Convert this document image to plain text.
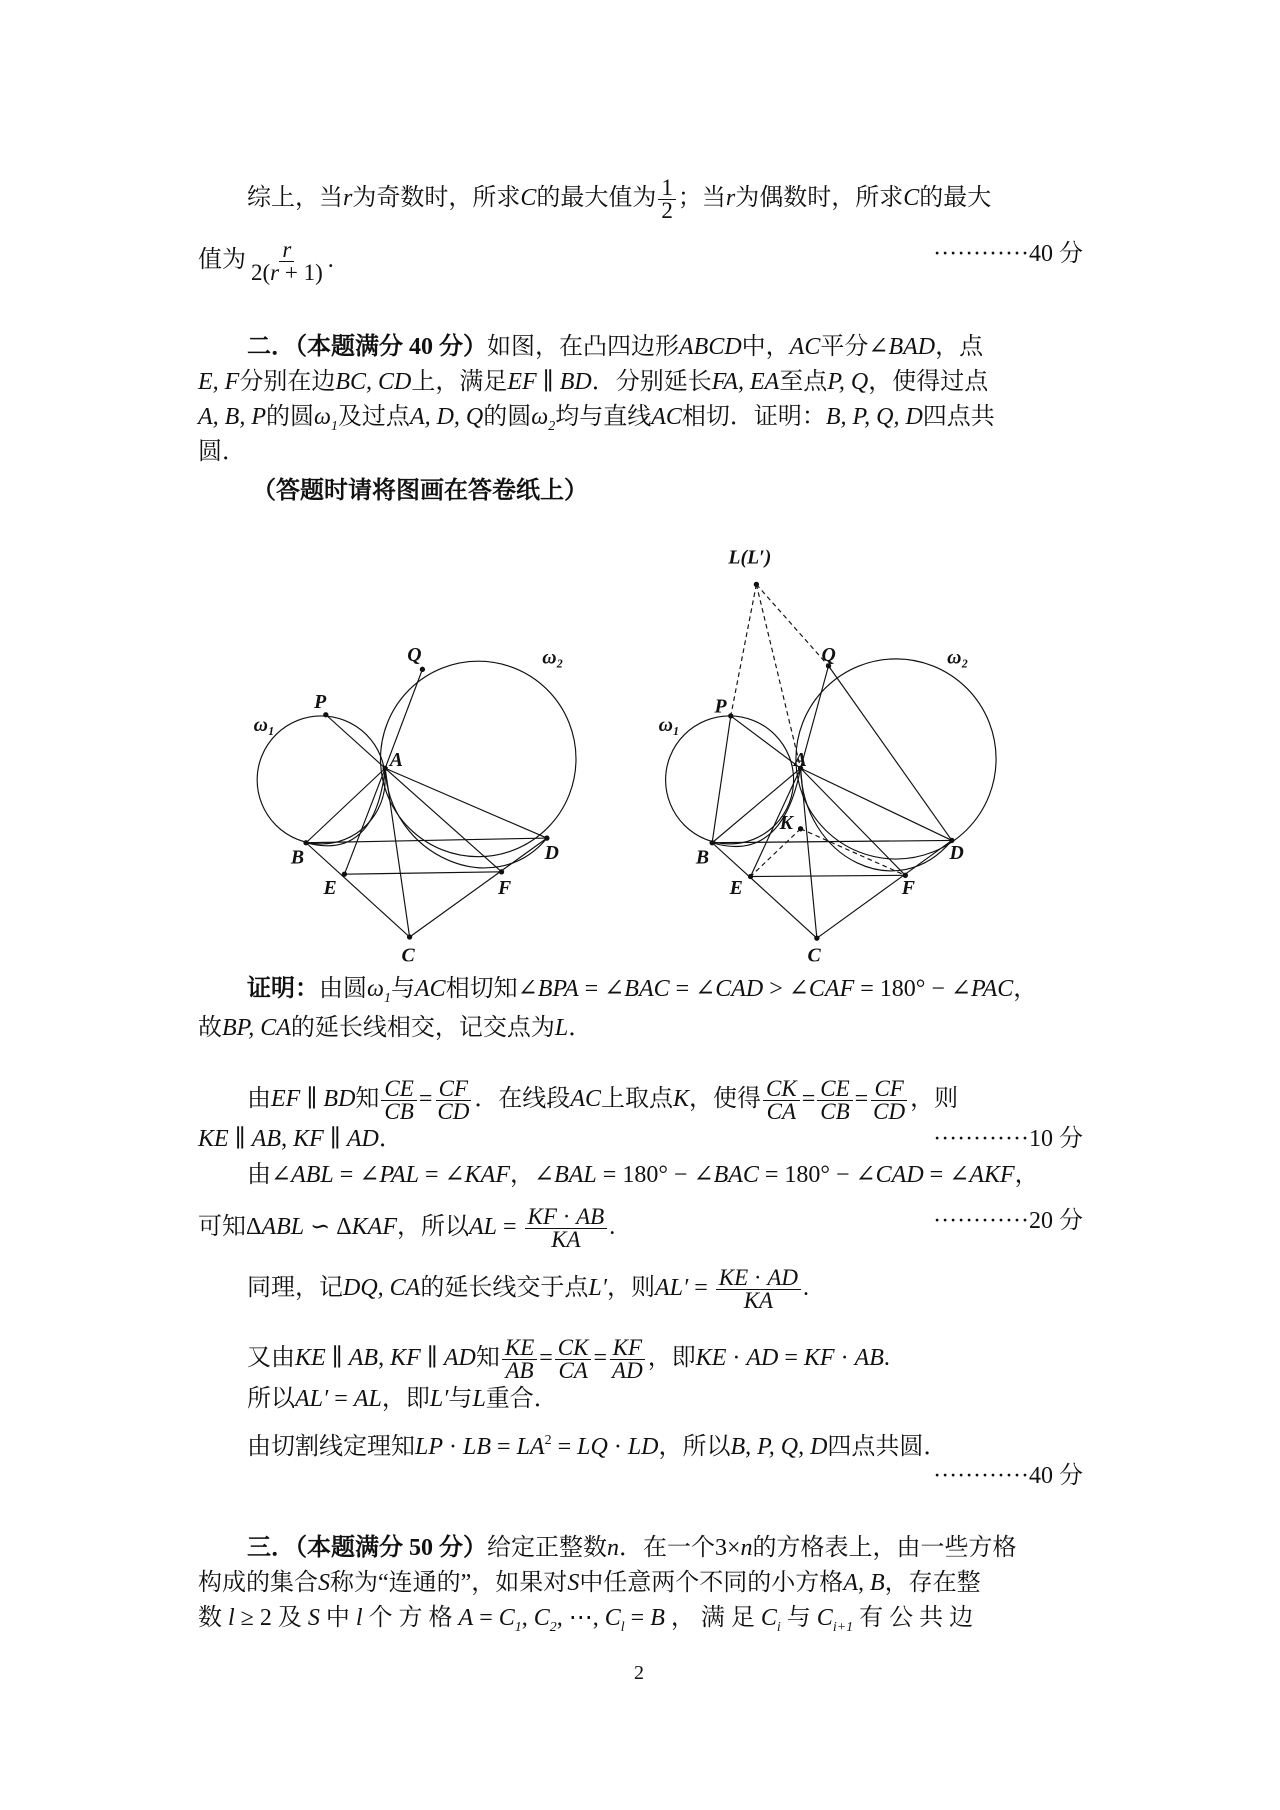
综上，当r为奇数时，所求C的最大值为 $\frac{1}{2}$ ；当r为偶数时，所求C的最大
值为 $\frac{r}{2(r + 1)}$ .	············40 分
二．（本题满分 40 分）如图，在凸四边形ABCD中，AC平分∠BAD，点
E, F分别在边BC, CD上，满足EF ∥ BD．分别延长FA, EA至点P, Q，使得过点
A, B, P的圆$\omega_1$及过点A, D, Q的圆$\omega_2$均与直线AC相切．证明：B, P, Q, D四点共
圆．
（答题时请将图画在答卷纸上）
ω₁
ω₂
P
Q
A
B	D
E	F
C
L(L′)
ω₁
ω₂
P
Q
A
K
B	D
E	F
C
证明：由圆$\omega_1$与AC相切知∠BPA = ∠BAC = ∠CAD > ∠CAF = 180° − ∠PAC，
故BP, CA的延长线相交，记交点为L．
由EF ∥ BD知 $\frac{CE}{CB} = \frac{CF}{CD}$ ．在线段AC上取点K，使得 $\frac{CK}{CA} = \frac{CE}{CB} = \frac{CF}{CD}$ ，则
KE ∥ AB, KF ∥ AD．	············10 分
由∠ABL = ∠PAL = ∠KAF，∠BAL = 180° − ∠BAC = 180° − ∠CAD = ∠AKF，
可知ΔABL ∽ ΔKAF，所以AL = $\frac{KF \cdot AB}{KA}$ .	············20 分
同理，记DQ, CA的延长线交于点L′，则$AL' = \frac{KE \cdot AD}{KA}$ .
又由KE ∥ AB, KF ∥ AD知 $\frac{KE}{AB} = \frac{CK}{CA} = \frac{KF}{AD}$ ，即KE · AD = KF · AB.
所以AL′ = AL，即L′与L重合．
由切割线定理知LP · LB = $LA^2$ = LQ · LD，所以B, P, Q, D四点共圆．
············40 分
三．（本题满分 50 分）给定正整数n．在一个3×n的方格表上，由一些方格
构成的集合S称为“连通的”，如果对S中任意两个不同的小方格A, B，存在整
数 l ≥ 2 及 S 中 l 个 方 格 $A = C_1$, $C_2$, ⋯, $C_l = B$ ， 满 足 $C_i$ 与 $C_{i+1}$ 有 公 共 边
2
